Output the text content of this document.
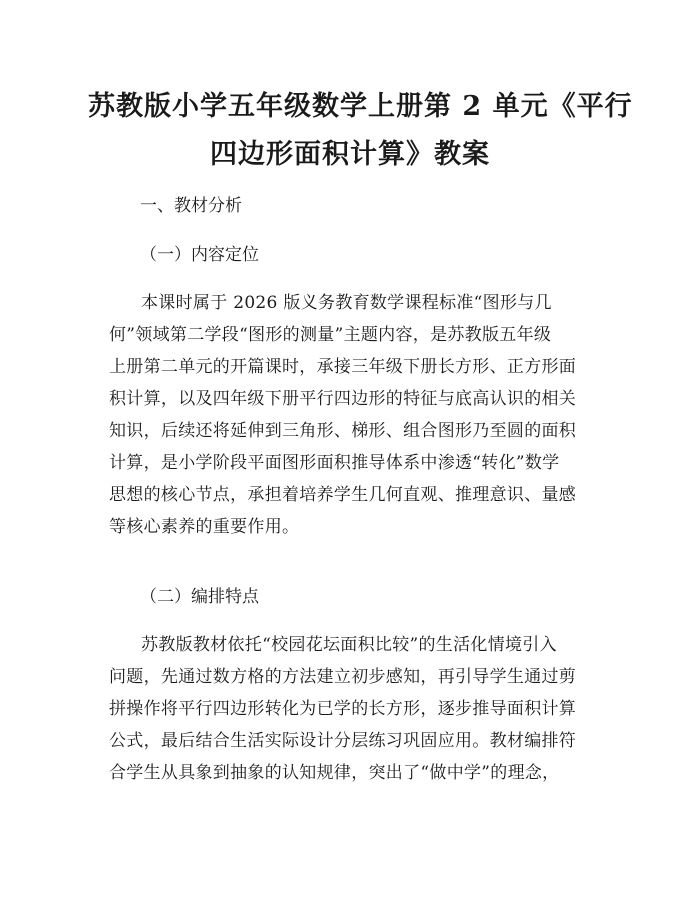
苏教版小学五年级数学上册第 2 单元《平行
四边形面积计算》教案
一、教材分析
（一）内容定位
本课时属于 2026 版义务教育数学课程标准“图形与几
何”领域第二学段“图形的测量”主题内容，是苏教版五年级
上册第二单元的开篇课时，承接三年级下册长方形、正方形面
积计算，以及四年级下册平行四边形的特征与底高认识的相关
知识，后续还将延伸到三角形、梯形、组合图形乃至圆的面积
计算，是小学阶段平面图形面积推导体系中渗透“转化”数学
思想的核心节点，承担着培养学生几何直观、推理意识、量感
等核心素养的重要作用。
（二）编排特点
苏教版教材依托“校园花坛面积比较”的生活化情境引入
问题，先通过数方格的方法建立初步感知，再引导学生通过剪
拼操作将平行四边形转化为已学的长方形，逐步推导面积计算
公式，最后结合生活实际设计分层练习巩固应用。教材编排符
合学生从具象到抽象的认知规律，突出了“做中学”的理念，
